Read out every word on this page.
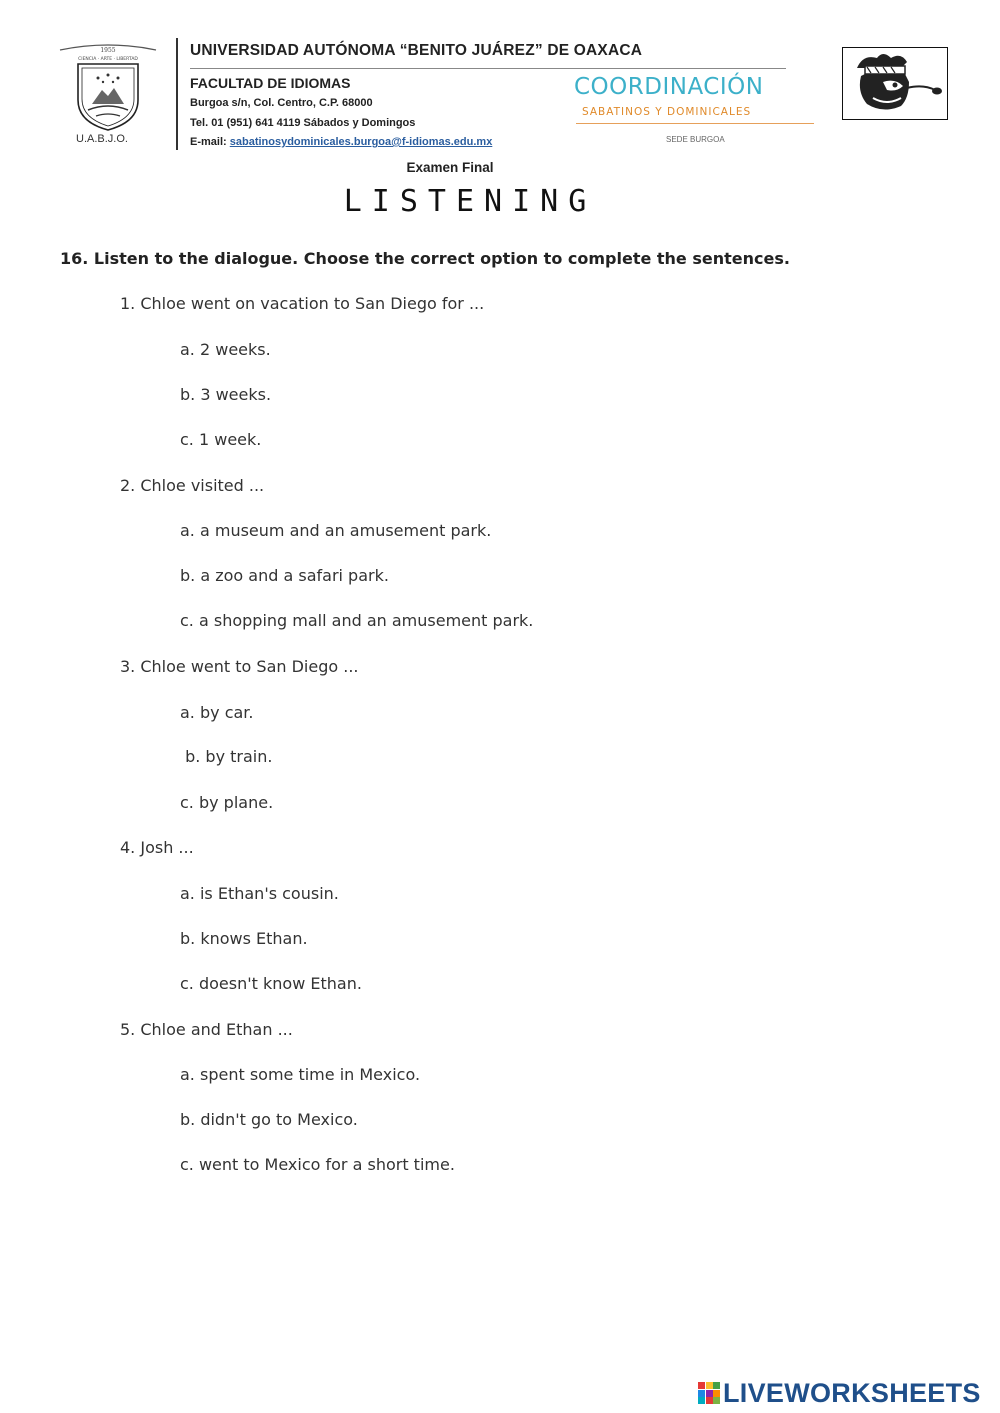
1955
CIENCIA · ARTE · LIBERTAD
U.A.B.J.O.
UNIVERSIDAD AUTÓNOMA “BENITO JUÁREZ” DE OAXACA
FACULTAD DE IDIOMAS
Burgoa s/n, Col. Centro, C.P. 68000
Tel. 01 (951) 641 4119 Sábados y Domingos
E-mail: sabatinosydominicales.burgoa@f-idiomas.edu.mx
COORDINACIÓN
SABATINOS Y DOMINICALES
SEDE BURGOA
Examen Final
LISTENING
16. Listen to the dialogue. Choose the correct option to complete the sentences.
1. Chloe went on vacation to San Diego for ...
a. 2 weeks.
b. 3 weeks.
c. 1 week.
2. Chloe visited ...
a. a museum and an amusement park.
b. a zoo and a safari park.
c. a shopping mall and an amusement park.
3. Chloe went to San Diego ...
a. by car.
b. by train.
c. by plane.
4. Josh ...
a. is Ethan's cousin.
b. knows Ethan.
c. doesn't know Ethan.
5. Chloe and Ethan ...
a. spent some time in Mexico.
b. didn't go to Mexico.
c. went to Mexico for a short time.
LIVEWORKSHEETS
